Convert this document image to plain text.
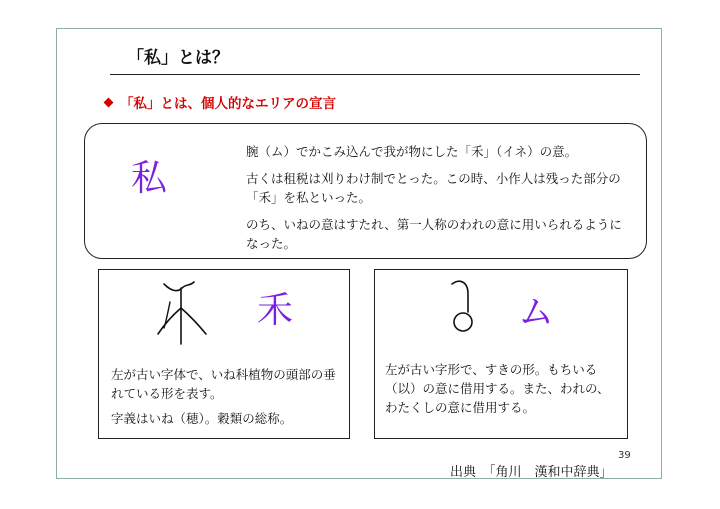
「私」とは？
「私」とは、個人的なエリアの宣言
私

腕（ム）でかこみ込んで我が物にした「禾」（イネ）の意。

古くは租税は刈りわけ制でとった。この時、小作人は残った部分の「禾」を私といった。

のち、いねの意はすたれ、第一人称のわれの意に用いられるようになった。

禾

左が古い字体で、いね科植物の頭部の垂れている形を表す。

字義はいね（穂）。穀類の総称。

ム

左が古い字形で、すきの形。もちいる（以）の意に借用する。また、われの、わたくしの意に借用する。

39
出典　「角川　漢和中辞典」
